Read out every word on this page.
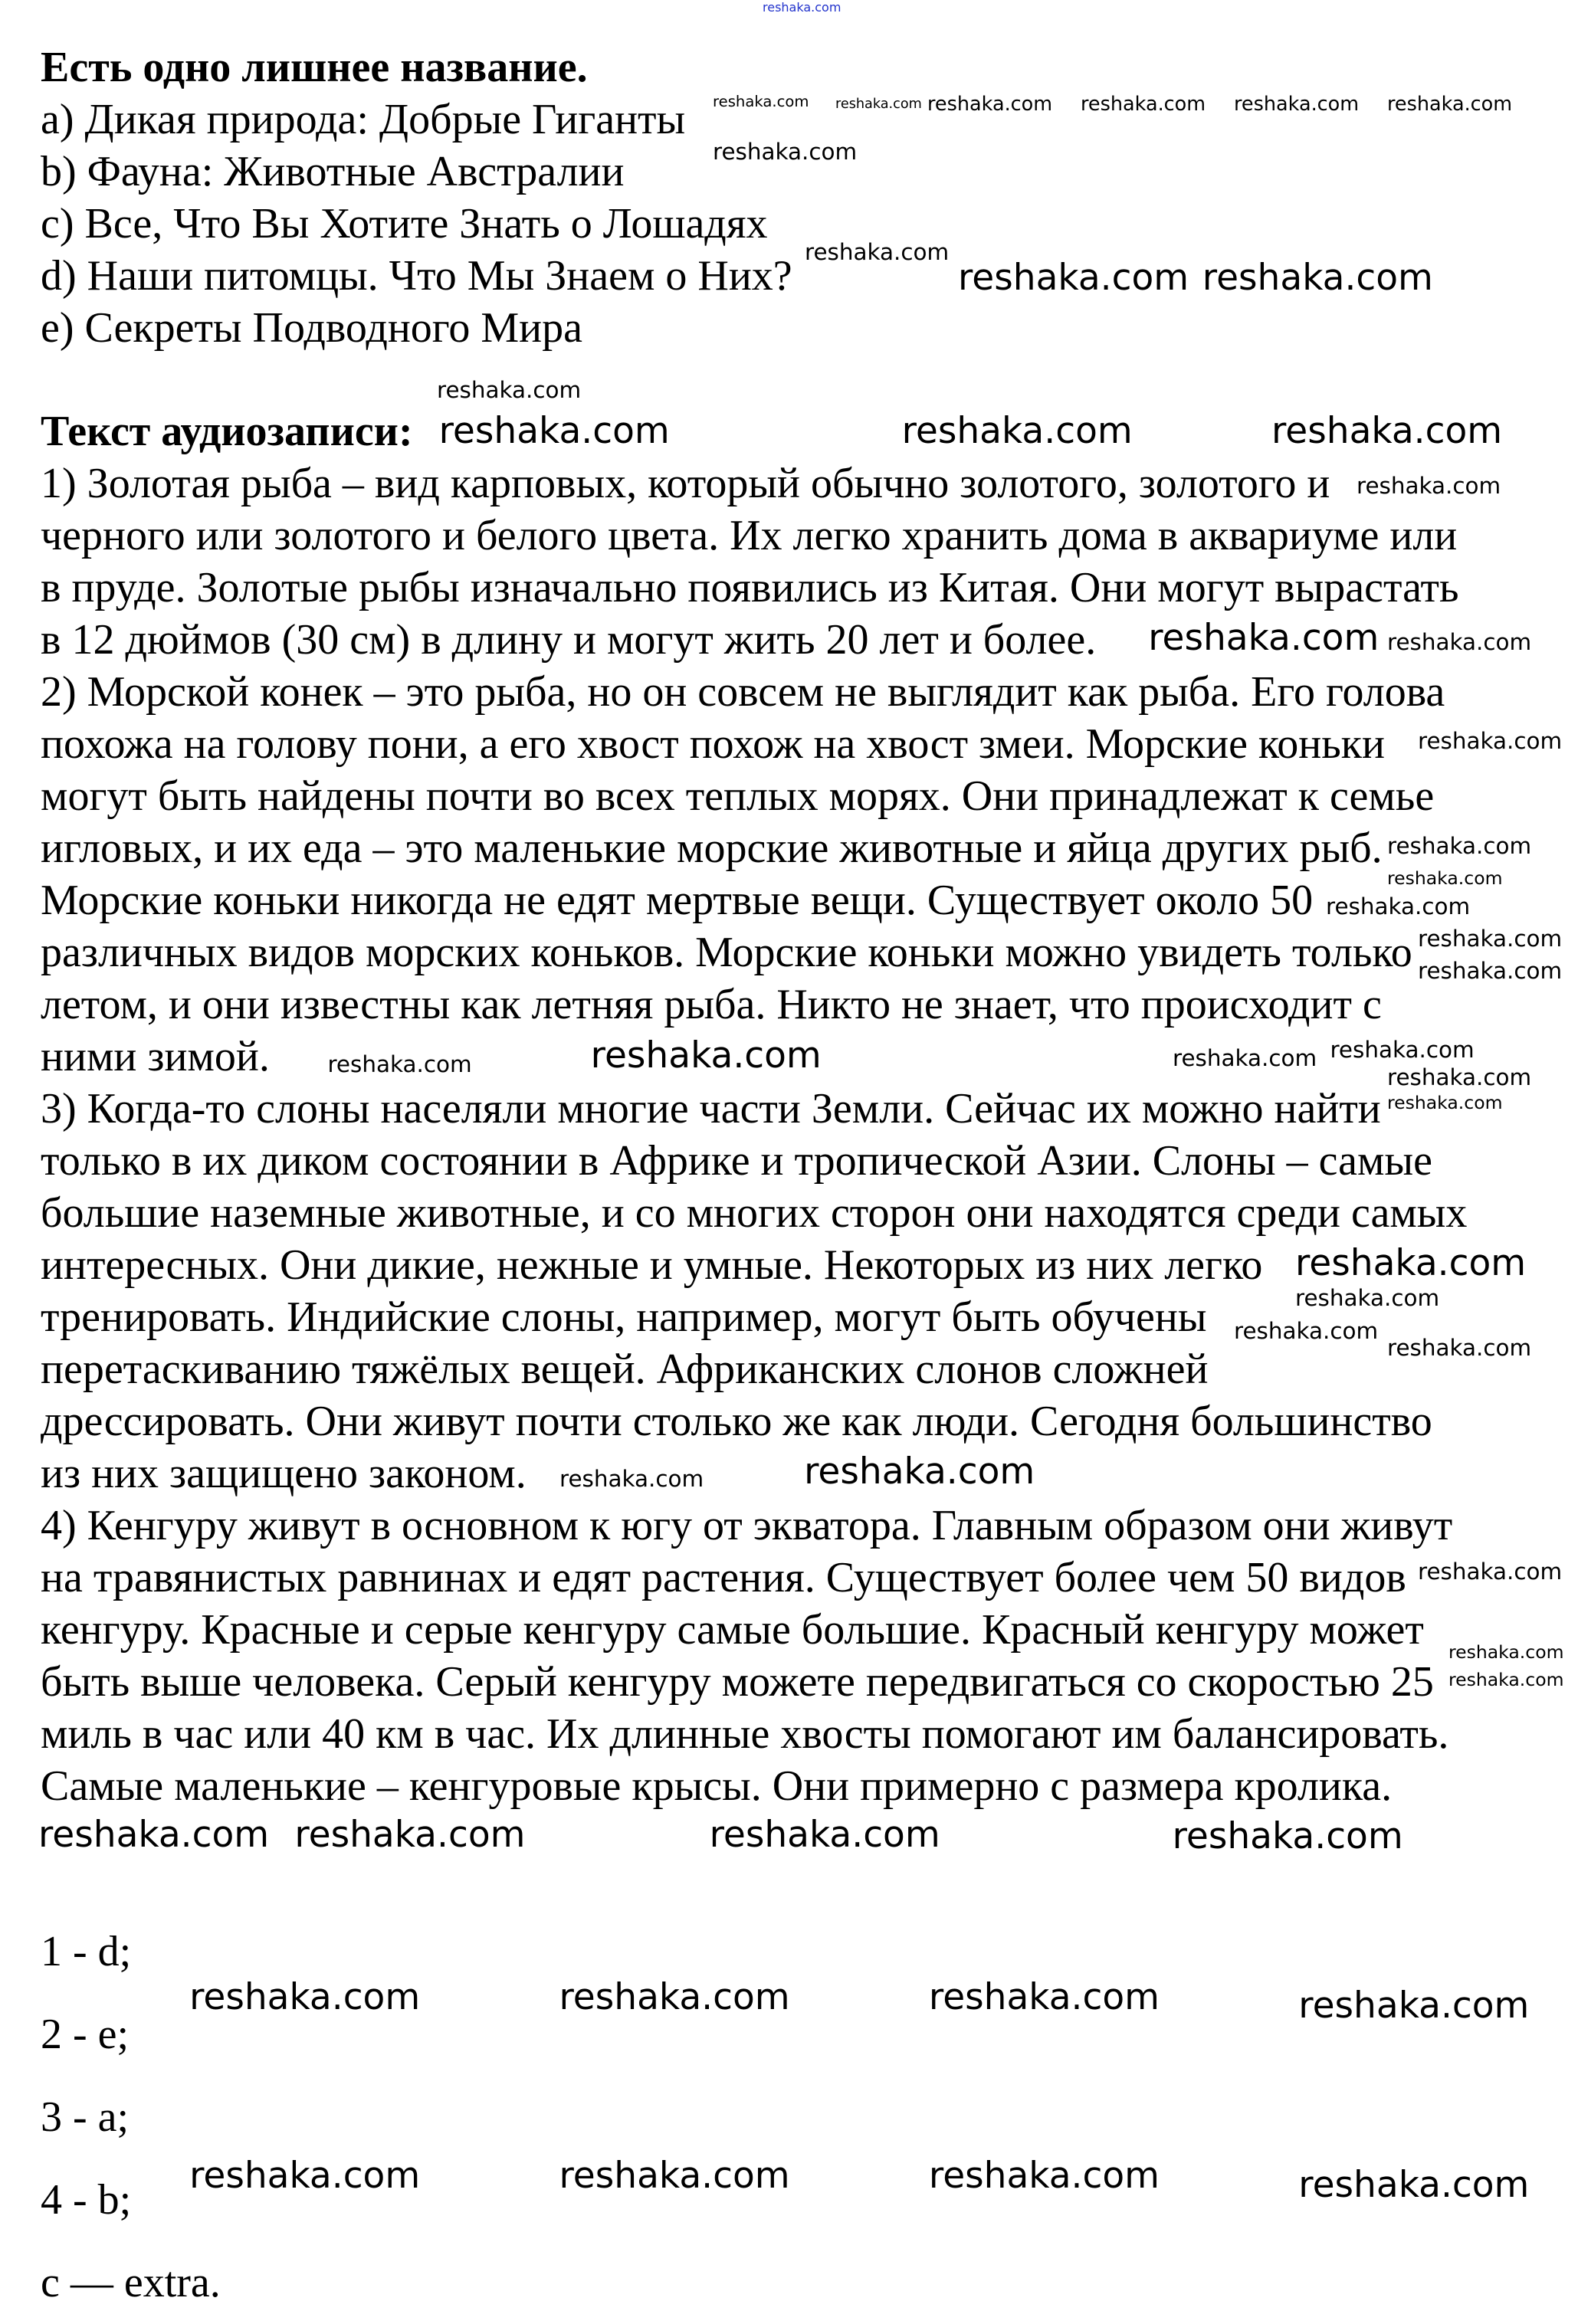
reshaka.com
Есть одно лишнее название.
a) Дикая природа: Добрые Гиганты
b) Фауна: Животные Австралии
c) Все, Что Вы Хотите Знать о Лошадях
d) Наши питомцы. Что Мы Знаем о Них?
e) Секреты Подводного Мира
Текст аудиозаписи:
1) Золотая рыба – вид карповых, который обычно золотого, золотого и
черного или золотого и белого цвета. Их легко хранить дома в аквариуме или
в пруде. Золотые рыбы изначально появились из Китая. Они могут вырастать
в 12 дюймов (30 см) в длину и могут жить 20 лет и более.
2) Морской конек – это рыба, но он совсем не выглядит как рыба. Его голова
похожа на голову пони, а его хвост похож на хвост змеи. Морские коньки
могут быть найдены почти во всех теплых морях. Они принадлежат к семье
игловых, и их еда – это маленькие морские животные и яйца других рыб.
Морские коньки никогда не едят мертвые вещи. Существует около 50
различных видов морских коньков. Морские коньки можно увидеть только
летом, и они известны как летняя рыба. Никто не знает, что происходит с
ними зимой.
3) Когда-то слоны населяли многие части Земли. Сейчас их можно найти
только в их диком состоянии в Африке и тропической Азии. Слоны – самые
большие наземные животные, и со многих сторон они находятся среди самых
интересных. Они дикие, нежные и умные. Некоторых из них легко
тренировать. Индийские слоны, например, могут быть обучены
перетаскиванию тяжёлых вещей. Африканских слонов сложней
дрессировать. Они живут почти столько же как люди. Сегодня большинство
из них защищено законом.
4) Кенгуру живут в основном к югу от экватора. Главным образом они живут
на травянистых равнинах и едят растения. Существует более чем 50 видов
кенгуру. Красные и серые кенгуру самые большие. Красный кенгуру может
быть выше человека. Серый кенгуру можете передвигаться со скоростью 25
миль в час или 40 км в час. Их длинные хвосты помогают им балансировать.
Самые маленькие – кенгуровые крысы. Они примерно с размера кролика.
1 - d;
2 - e;
3 - a;
4 - b;
c — extra.
reshaka.com reshaka.com reshaka.com reshaka.com reshaka.com reshaka.com
reshaka.com
reshaka.com
reshaka.com reshaka.com
reshaka.com
reshaka.com	reshaka.com	reshaka.com
reshaka.com
reshaka.com reshaka.com
reshaka.com
reshaka.com
reshaka.com
reshaka.com
reshaka.com
reshaka.com
reshaka.com
reshaka.com
reshaka.com
reshaka.com
reshaka.com
reshaka.com
reshaka.com	reshaka.com
reshaka.com
reshaka.com
reshaka.com
reshaka.com
reshaka.com
reshaka.com
reshaka.com
reshaka.com
reshaka.com	reshaka.com
reshaka.com
reshaka.com	reshaka.com	reshaka.com	reshaka.com
reshaka.com	reshaka.com	reshaka.com	reshaka.com
